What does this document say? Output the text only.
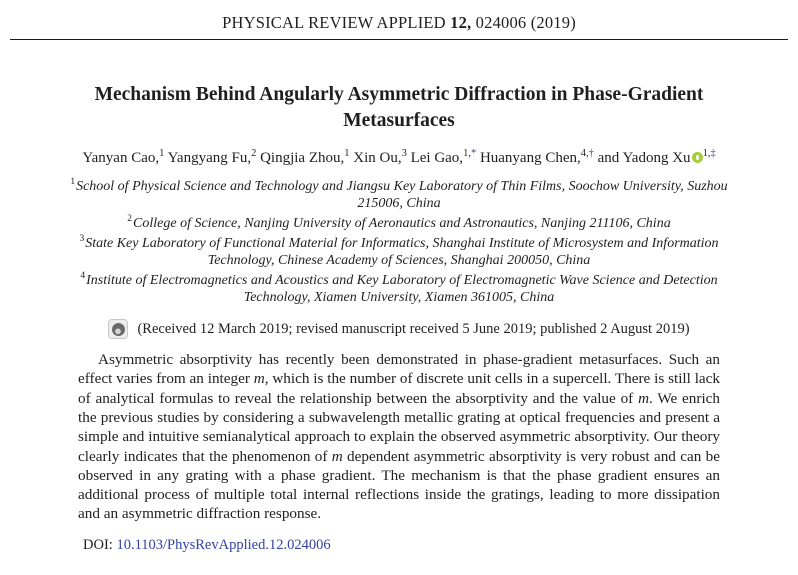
PHYSICAL REVIEW APPLIED 12, 024006 (2019)
Mechanism Behind Angularly Asymmetric Diffraction in Phase-Gradient Metasurfaces
Yanyan Cao,$^1$ Yangyang Fu,$^2$ Qingjia Zhou,$^1$ Xin Ou,$^3$ Lei Gao,$^{1,*}$ Huanyang Chen,$^{4,\dagger}$ and Yadong Xu $^{1,\ddagger}$
$^1$School of Physical Science and Technology and Jiangsu Key Laboratory of Thin Films, Soochow University, Suzhou 215006, China
$^2$College of Science, Nanjing University of Aeronautics and Astronautics, Nanjing 211106, China
$^3$State Key Laboratory of Functional Material for Informatics, Shanghai Institute of Microsystem and Information Technology, Chinese Academy of Sciences, Shanghai 200050, China
$^4$Institute of Electromagnetics and Acoustics and Key Laboratory of Electromagnetic Wave Science and Detection Technology, Xiamen University, Xiamen 361005, China
(Received 12 March 2019; revised manuscript received 5 June 2019; published 2 August 2019)

Asymmetric absorptivity has recently been demonstrated in phase-gradient metasurfaces. Such an effect varies from an integer m, which is the number of discrete unit cells in a supercell. There is still lack of analytical formulas to reveal the relationship between the absorptivity and the value of m. We enrich the previous studies by considering a subwavelength metallic grating at optical frequencies and present a simple and intuitive semianalytical approach to explain the observed asymmetric absorptivity. Our theory clearly indicates that the phenomenon of m dependent asymmetric absorptivity is very robust and can be observed in any grating with a phase gradient. The mechanism is that the phase gradient ensures an additional process of multiple total internal reflections inside the gratings, leading to more dissipation and an asymmetric diffraction response.

DOI: 10.1103/PhysRevApplied.12.024006
